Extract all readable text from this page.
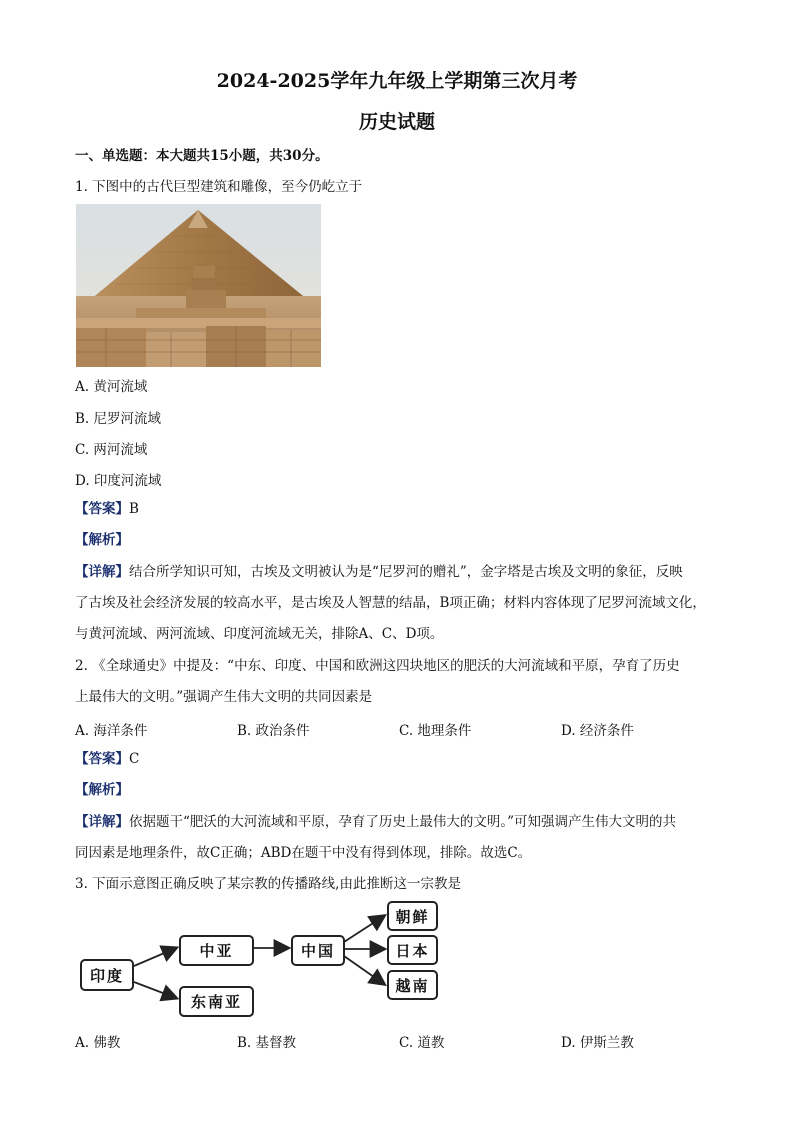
2024-2025学年九年级上学期第三次月考
历史试题
一、单选题：本大题共15小题，共30分。
1. 下图中的古代巨型建筑和雕像，至今仍屹立于
A. 黄河流域
B. 尼罗河流域
C. 两河流域
D. 印度河流域
【答案】B
【解析】
【详解】结合所学知识可知，古埃及文明被认为是“尼罗河的赠礼”，金字塔是古埃及文明的象征，反映
了古埃及社会经济发展的较高水平，是古埃及人智慧的结晶，B项正确；材料内容体现了尼罗河流域文化，
与黄河流域、两河流域、印度河流域无关，排除A、C、D项。
2. 《全球通史》中提及：“中东、印度、中国和欧洲这四块地区的肥沃的大河流域和平原，孕育了历史
上最伟大的文明。”强调产生伟大文明的共同因素是
A. 海洋条件	B. 政治条件	C. 地理条件	D. 经济条件
【答案】C
【解析】
【详解】依据题干“肥沃的大河流域和平原，孕育了历史上最伟大的文明。”可知强调产生伟大文明的共
同因素是地理条件，故C正确；ABD在题干中没有得到体现，排除。故选C。
3. 下面示意图正确反映了某宗教的传播路线,由此推断这一宗教是
印度
中亚
东南亚
中国
朝鲜
日本
越南
A. 佛教	B. 基督教	C. 道教	D. 伊斯兰教
